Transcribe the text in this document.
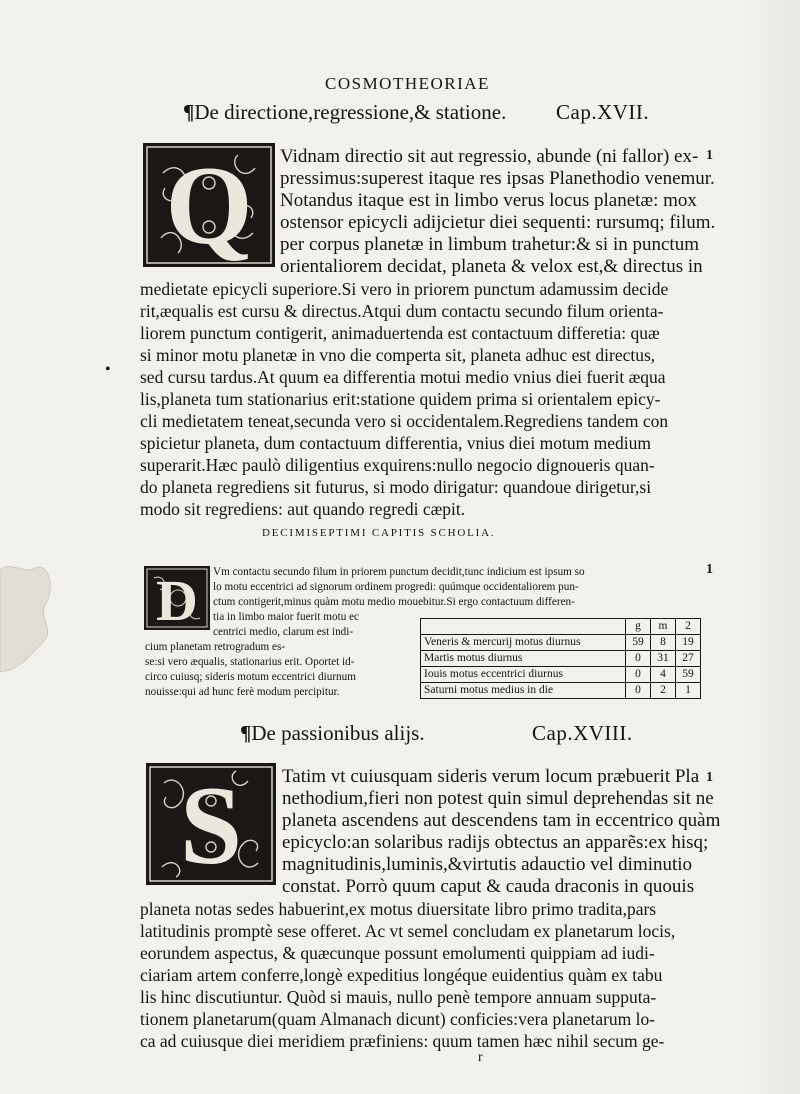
COSMOTHEORIAE
¶De directione,regressione,& statione. Cap.XVII.
1
Q Vidnam directio sit aut regressio, abunde (ni fallor) ex-
pressimus:superest itaque res ipsas Planethodio venemur.
Notandus itaque est in limbo verus locus planetæ: mox
ostensor epicycli adijcietur diei sequenti: rursumq; filum.
per corpus planetæ in limbum trahetur:& si in punctum
orientaliorem decidat, planeta & velox est,& directus in
medietate epicycli superiore.Si vero in priorem punctum adamussim decide
rit,æqualis est cursu & directus.Atqui dum contactu secundo filum orienta-
liorem punctum contigerit, animaduertenda est contactuum differetia: quæ
si minor motu planetæ in vno die comperta sit, planeta adhuc est directus,
sed cursu tardus.At quum ea differentia motui medio vnius diei fuerit æqua
lis,planeta tum stationarius erit:statione quidem prima si orientalem epicy-
cli medietatem teneat,secunda vero si occidentalem.Regrediens tandem con
spicietur planeta, dum contactuum differentia, vnius diei motum medium
superarit.Hæc paulò diligentius exquirens:nullo negocio dignoueris quan-
do planeta regrediens sit futurus, si modo dirigatur: quandoue dirigetur,si
modo sit regrediens: aut quando regredi cæpit.
•
DECIMISEPTIMI CAPITIS SCHOLIA.
1
D Vm contactu secundo filum in priorem punctum decidit,tunc indicium est ipsum so
lo motu eccentrici ad signorum ordinem progredi: quúmque occidentaliorem pun-
ctum contigerit,minus quàm motu medio mouebitur.Si ergo contactuum differen-
tia in limbo maior fuerit motu ec
centrici medio, clarum est indi-
cium planetam retrogradum es-
se:si vero æqualis, stationarius erit. Oportet id-
circo cuiusq; sideris motum eccentrici diurnum
nouisse:qui ad hunc ferè modum percipitur.
	g	m	2
Veneris & mercurij motus diurnus	59	8	19
Martis motus diurnus	0	31	27
Iouis motus eccentrici diurnus	0	4	59
Saturni motus medius in die	0	2	1
¶De passionibus alijs.	Cap.XVIII.
1
S Tatim vt cuiusquam sideris verum locum præbuerit Pla
nethodium,fieri non potest quin simul deprehendas sit ne
planeta ascendens aut descendens tam in eccentrico quàm
epicyclo:an solaribus radijs obtectus an apparẽs:ex hisq;
magnitudinis,luminis,&virtutis adauctio vel diminutio
constat. Porrò quum caput & cauda draconis in quouis
planeta notas sedes habuerint,ex motus diuersitate libro primo tradita,pars
latitudinis promptè sese offeret. Ac vt semel concludam ex planetarum locis,
eorundem aspectus, & quæcunque possunt emolumenti quippiam ad iudi-
ciariam artem conferre,longè expeditius longéque euidentius quàm ex tabu
lis hinc discutiuntur. Quòd si mauis, nullo penè tempore annuam supputa-
tionem planetarum(quam Almanach dicunt) conficies:vera planetarum lo-
ca ad cuiusque diei meridiem præfiniens: quum tamen hæc nihil secum ge-
r
